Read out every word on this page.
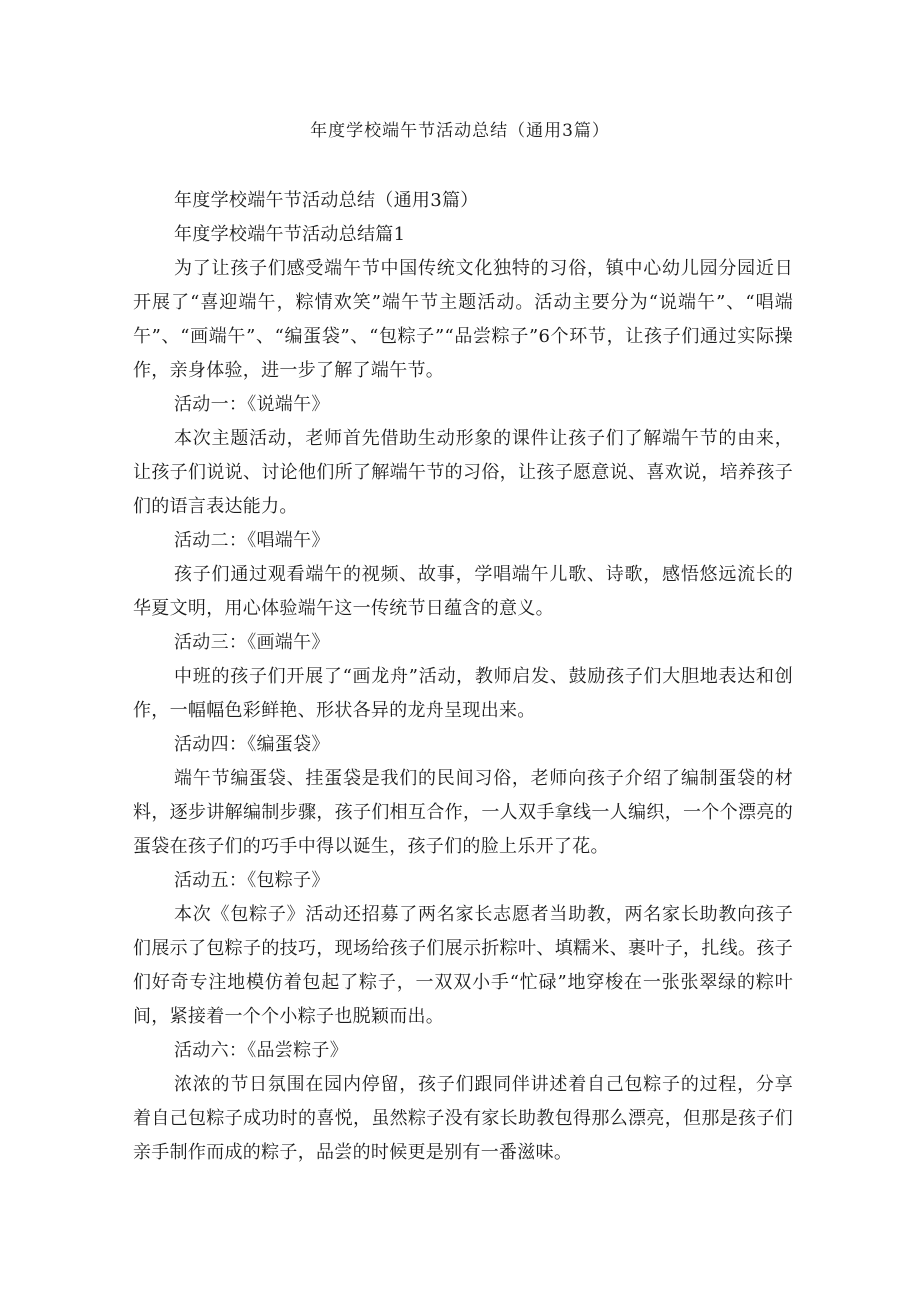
年度学校端午节活动总结（通用3篇）

年度学校端午节活动总结（通用3篇）

年度学校端午节活动总结篇1

为了让孩子们感受端午节中国传统文化独特的习俗，镇中心幼儿园分园近日开展了“喜迎端午，粽情欢笑”端午节主题活动。活动主要分为“说端午”、“唱端午”、“画端午”、“编蛋袋”、“包粽子”“品尝粽子”6个环节，让孩子们通过实际操作，亲身体验，进一步了解了端午节。

活动一：《说端午》

本次主题活动，老师首先借助生动形象的课件让孩子们了解端午节的由来，让孩子们说说、讨论他们所了解端午节的习俗，让孩子愿意说、喜欢说，培养孩子们的语言表达能力。

活动二：《唱端午》

孩子们通过观看端午的视频、故事，学唱端午儿歌、诗歌，感悟悠远流长的华夏文明，用心体验端午这一传统节日蕴含的意义。

活动三：《画端午》

中班的孩子们开展了“画龙舟”活动，教师启发、鼓励孩子们大胆地表达和创作，一幅幅色彩鲜艳、形状各异的龙舟呈现出来。

活动四：《编蛋袋》

端午节编蛋袋、挂蛋袋是我们的民间习俗，老师向孩子介绍了编制蛋袋的材料，逐步讲解编制步骤，孩子们相互合作，一人双手拿线一人编织，一个个漂亮的蛋袋在孩子们的巧手中得以诞生，孩子们的脸上乐开了花。

活动五：《包粽子》

本次《包粽子》活动还招募了两名家长志愿者当助教，两名家长助教向孩子们展示了包粽子的技巧，现场给孩子们展示折粽叶、填糯米、裹叶子，扎线。孩子们好奇专注地模仿着包起了粽子，一双双小手“忙碌”地穿梭在一张张翠绿的粽叶间，紧接着一个个小粽子也脱颖而出。

活动六：《品尝粽子》

浓浓的节日氛围在园内停留，孩子们跟同伴讲述着自己包粽子的过程，分享着自己包粽子成功时的喜悦，虽然粽子没有家长助教包得那么漂亮，但那是孩子们亲手制作而成的粽子，品尝的时候更是别有一番滋味。
